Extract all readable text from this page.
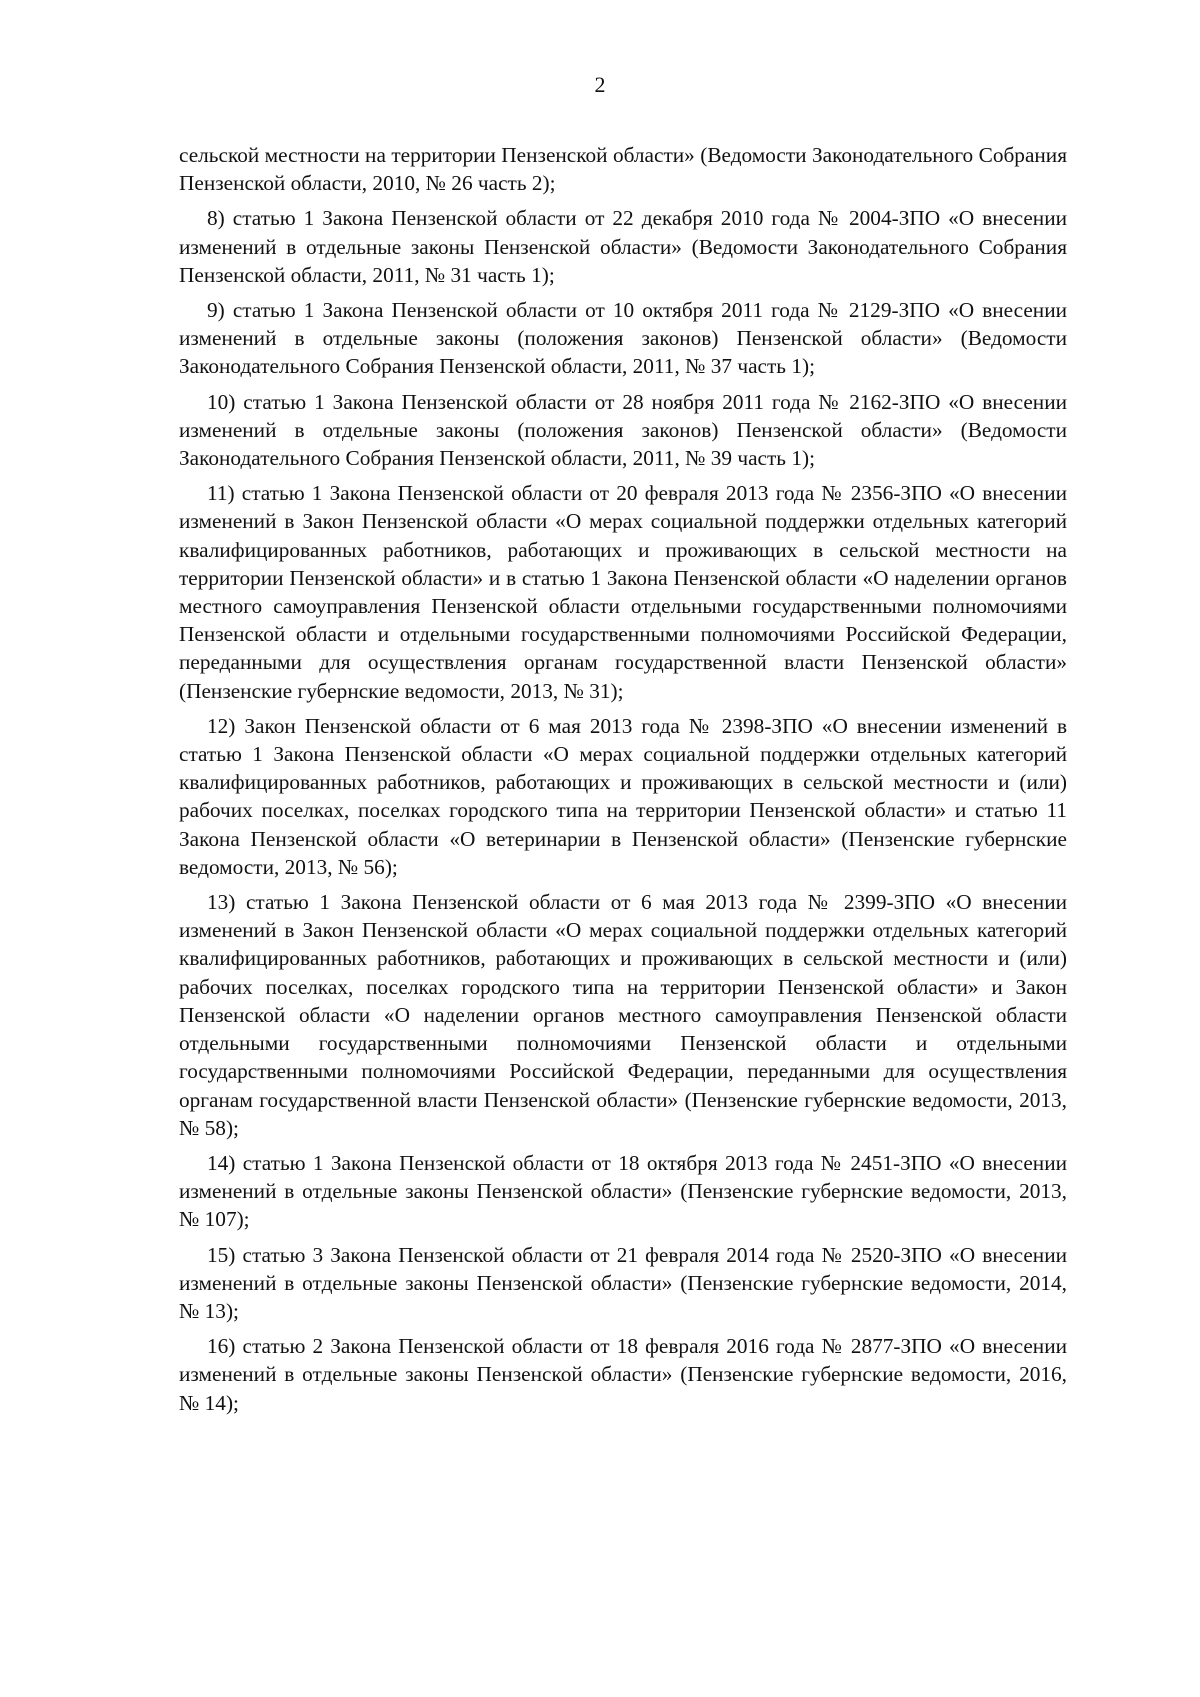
2

сельской местности на территории Пензенской области» (Ведомости Законодательного Собрания Пензенской области, 2010, № 26 часть 2);

8) статью 1 Закона Пензенской области от 22 декабря 2010 года № 2004-ЗПО «О внесении изменений в отдельные законы Пензенской области» (Ведомости Законодательного Собрания Пензенской области, 2011, № 31 часть 1);

9) статью 1 Закона Пензенской области от 10 октября 2011 года № 2129-ЗПО «О внесении изменений в отдельные законы (положения законов) Пензенской области» (Ведомости Законодательного Собрания Пензенской области, 2011, № 37 часть 1);

10) статью 1 Закона Пензенской области от 28 ноября 2011 года № 2162-ЗПО «О внесении изменений в отдельные законы (положения законов) Пензенской области» (Ведомости Законодательного Собрания Пензенской области, 2011, № 39 часть 1);

11) статью 1 Закона Пензенской области от 20 февраля 2013 года № 2356-ЗПО «О внесении изменений в Закон Пензенской области «О мерах социальной поддержки отдельных категорий квалифицированных работников, работающих и проживающих в сельской местности на территории Пензенской области» и в статью 1 Закона Пензенской области «О наделении органов местного самоуправления Пензенской области отдельными государственными полномочиями Пензенской области и отдельными государственными полномочиями Российской Федерации, переданными для осуществления органам государственной власти Пензенской области» (Пензенские губернские ведомости, 2013, № 31);

12) Закон Пензенской области от 6 мая 2013 года № 2398-ЗПО «О внесении изменений в статью 1 Закона Пензенской области «О мерах социальной поддержки отдельных категорий квалифицированных работников, работающих и проживающих в сельской местности и (или) рабочих поселках, поселках городского типа на территории Пензенской области» и статью 11 Закона Пензенской области «О ветеринарии в Пензенской области» (Пензенские губернские ведомости, 2013, № 56);

13) статью 1 Закона Пензенской области от 6 мая 2013 года № 2399-ЗПО «О внесении изменений в Закон Пензенской области «О мерах социальной поддержки отдельных категорий квалифицированных работников, работающих и проживающих в сельской местности и (или) рабочих поселках, поселках городского типа на территории Пензенской области» и Закон Пензенской области «О наделении органов местного самоуправления Пензенской области отдельными государственными полномочиями Пензенской области и отдельными государственными полномочиями Российской Федерации, переданными для осуществления органам государственной власти Пензенской области» (Пензенские губернские ведомости, 2013, № 58);

14) статью 1 Закона Пензенской области от 18 октября 2013 года № 2451-ЗПО «О внесении изменений в отдельные законы Пензенской области» (Пензенские губернские ведомости, 2013, № 107);

15) статью 3 Закона Пензенской области от 21 февраля 2014 года № 2520-ЗПО «О внесении изменений в отдельные законы Пензенской области» (Пензенские губернские ведомости, 2014, № 13);

16) статью 2 Закона Пензенской области от 18 февраля 2016 года № 2877-ЗПО «О внесении изменений в отдельные законы Пензенской области» (Пензенские губернские ведомости, 2016, № 14);
